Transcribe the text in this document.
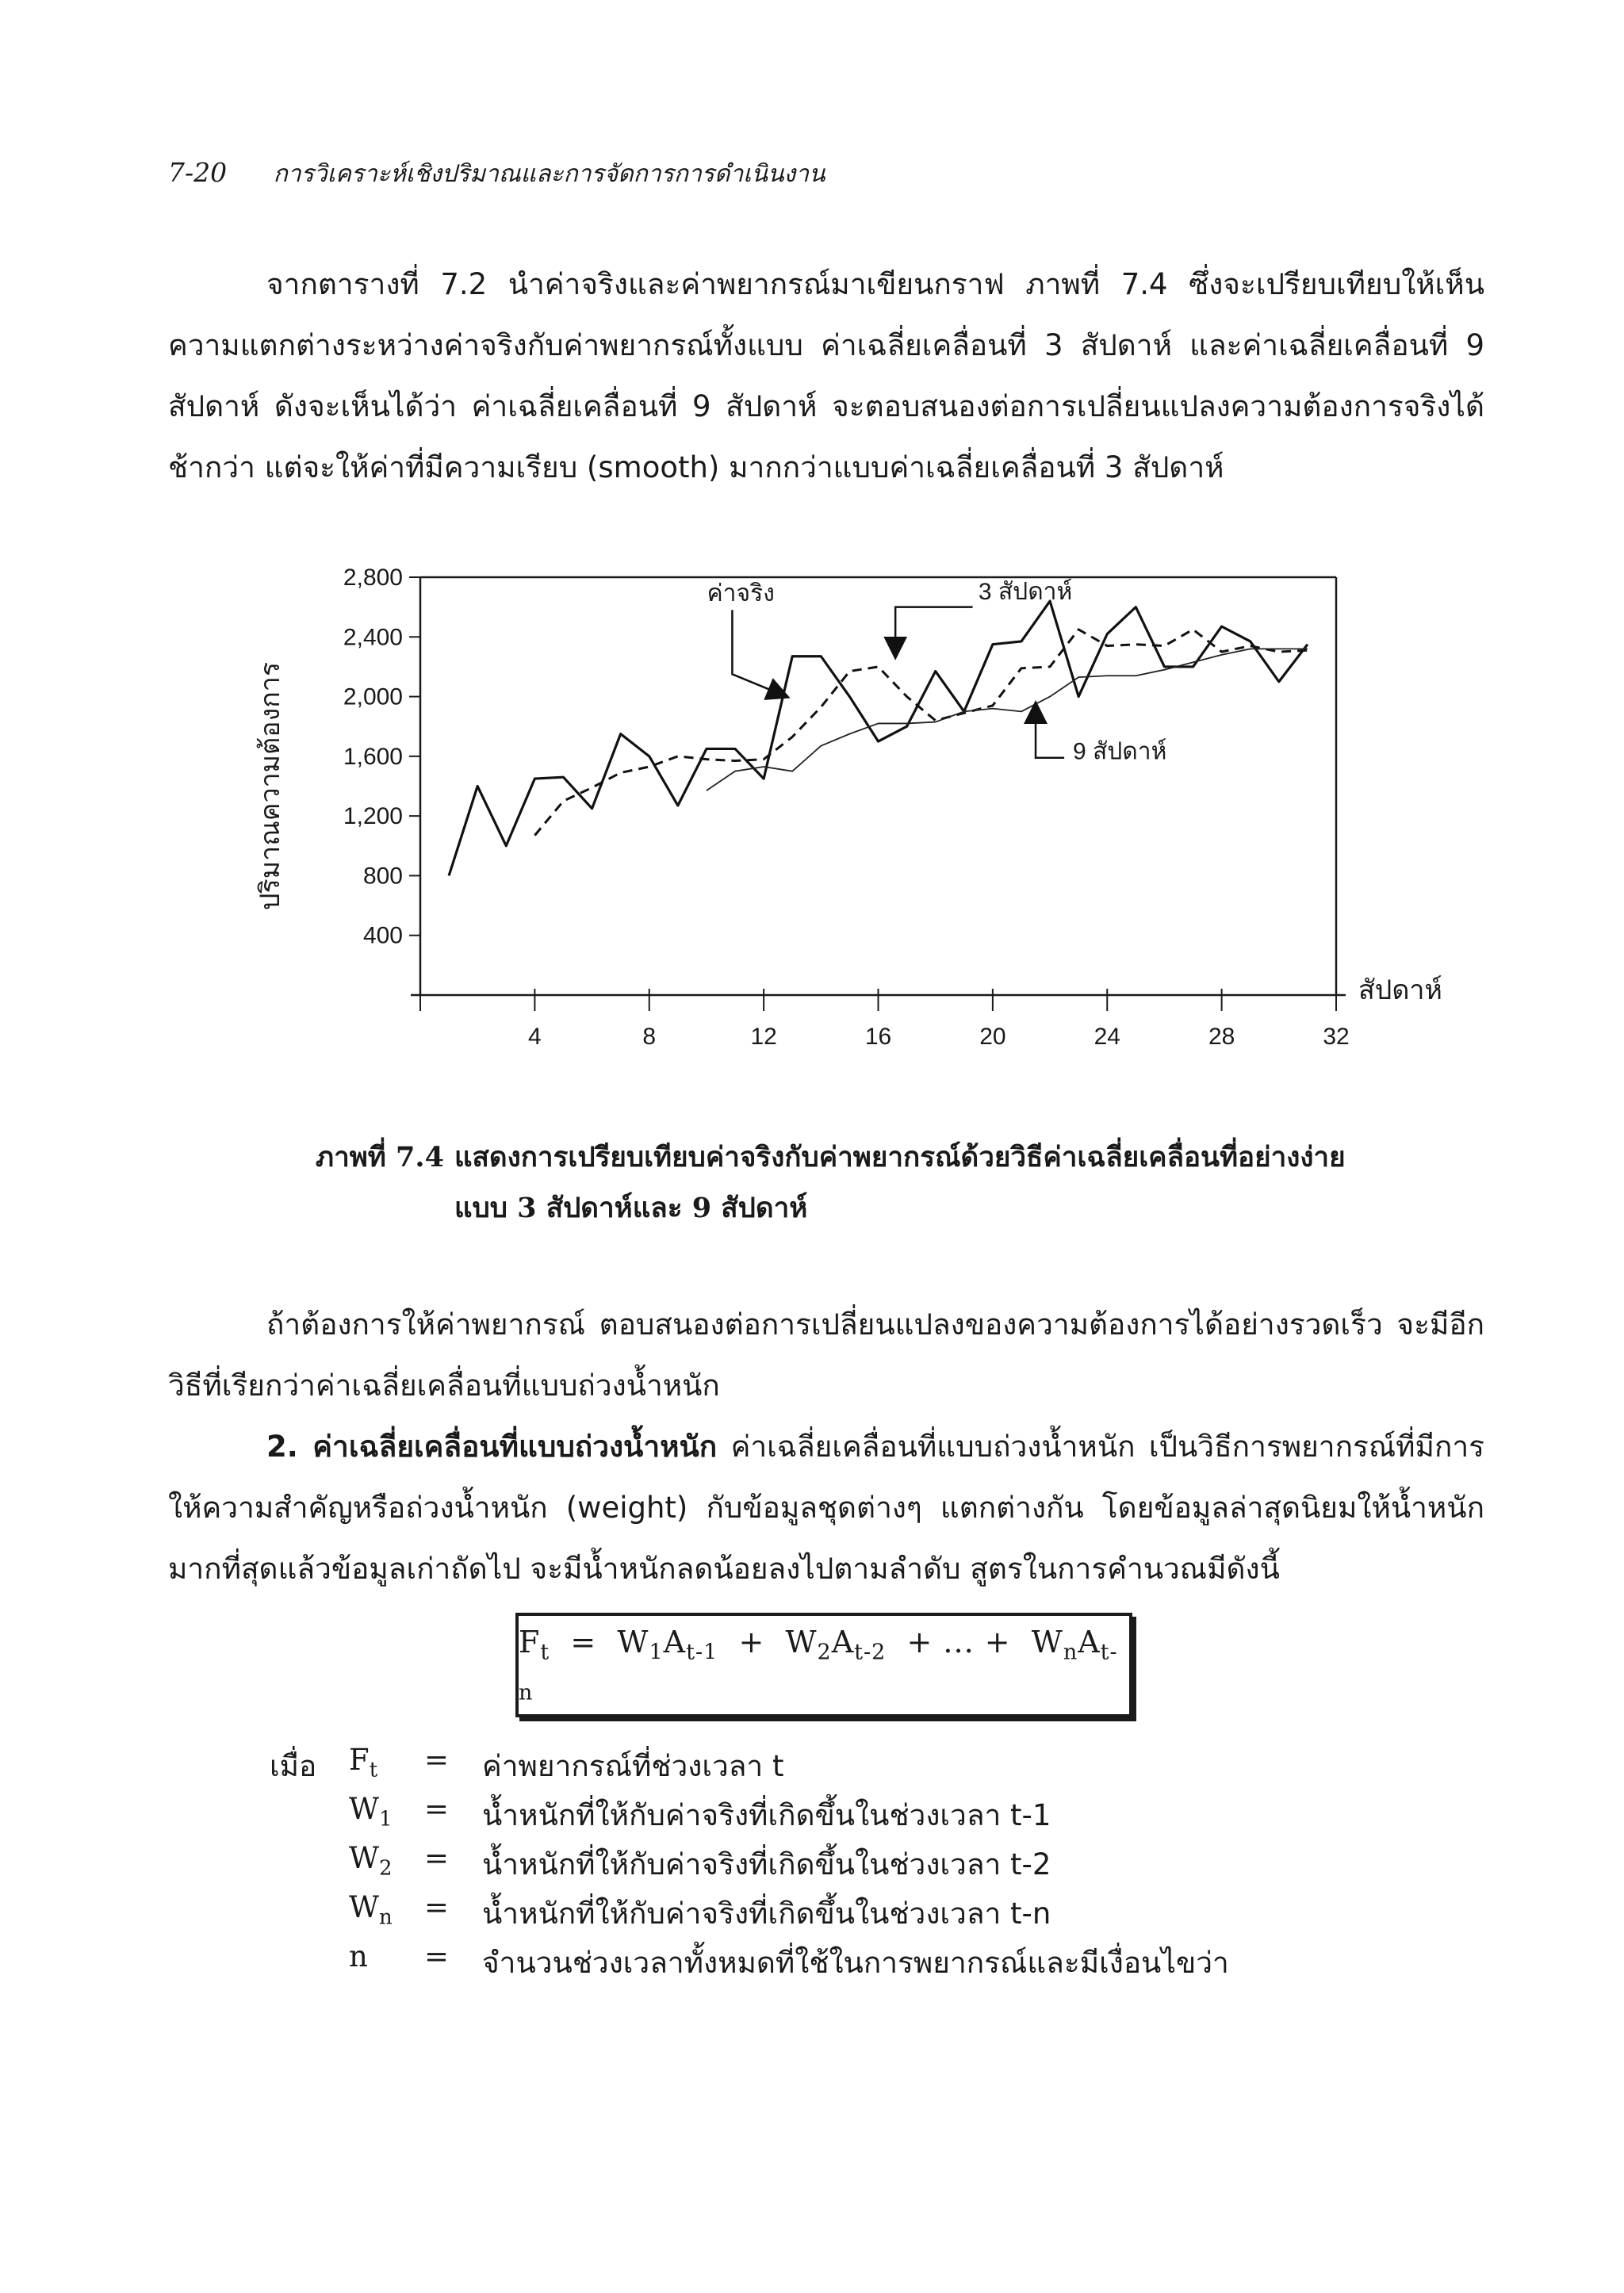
7-20 การวิเคราะห์เชิงปริมาณและการจัดการการดำเนินงาน
จากตารางที่ 7.2 นำค่าจริงและค่าพยากรณ์มาเขียนกราฟ ภาพที่ 7.4 ซึ่งจะเปรียบเทียบให้เห็นความแตกต่างระหว่างค่าจริงกับค่าพยากรณ์ทั้งแบบ ค่าเฉลี่ยเคลื่อนที่ 3 สัปดาห์ และค่าเฉลี่ยเคลื่อนที่ 9 สัปดาห์ ดังจะเห็นได้ว่า ค่าเฉลี่ยเคลื่อนที่ 9 สัปดาห์ จะตอบสนองต่อการเปลี่ยนแปลงความต้องการจริงได้ช้ากว่า แต่จะให้ค่าที่มีความเรียบ (smooth) มากกว่าแบบค่าเฉลี่ยเคลื่อนที่ 3 สัปดาห์
400
800
1,200
1,600
2,000
2,400
2,800
4	8	12	16	20	24	28	32
สัปดาห์
ปริมาณความต้องการ
ค่าจริง	3 สัปดาห์
9 สัปดาห์
ภาพที่ 7.4 แสดงการเปรียบเทียบค่าจริงกับค่าพยากรณ์ด้วยวิธีค่าเฉลี่ยเคลื่อนที่อย่างง่าย
แบบ 3 สัปดาห์และ 9 สัปดาห์
ถ้าต้องการให้ค่าพยากรณ์ ตอบสนองต่อการเปลี่ยนแปลงของความต้องการได้อย่างรวดเร็ว จะมีอีกวิธีที่เรียกว่าค่าเฉลี่ยเคลื่อนที่แบบถ่วงน้ำหนัก
2. ค่าเฉลี่ยเคลื่อนที่แบบถ่วงน้ำหนัก ค่าเฉลี่ยเคลื่อนที่แบบถ่วงน้ำหนัก เป็นวิธีการพยากรณ์ที่มีการให้ความสำคัญหรือถ่วงน้ำหนัก (weight) กับข้อมูลชุดต่างๆ แตกต่างกัน โดยข้อมูลล่าสุดนิยมให้น้ำหนักมากที่สุดแล้วข้อมูลเก่าถัดไป จะมีน้ำหนักลดน้อยลงไปตามลำดับ สูตรในการคำนวณมีดังนี้
$F_t = W_1A_{t-1} + W_2A_{t-2}$ + ... + $W_nA_{t-n}$
เมื่อ $F_t$ = ค่าพยากรณ์ที่ช่วงเวลา t
$W_1$ = น้ำหนักที่ให้กับค่าจริงที่เกิดขึ้นในช่วงเวลา t-1
$W_2$ = น้ำหนักที่ให้กับค่าจริงที่เกิดขึ้นในช่วงเวลา t-2
$W_n$ = น้ำหนักที่ให้กับค่าจริงที่เกิดขึ้นในช่วงเวลา t-n
n = จำนวนช่วงเวลาทั้งหมดที่ใช้ในการพยากรณ์และมีเงื่อนไขว่า
